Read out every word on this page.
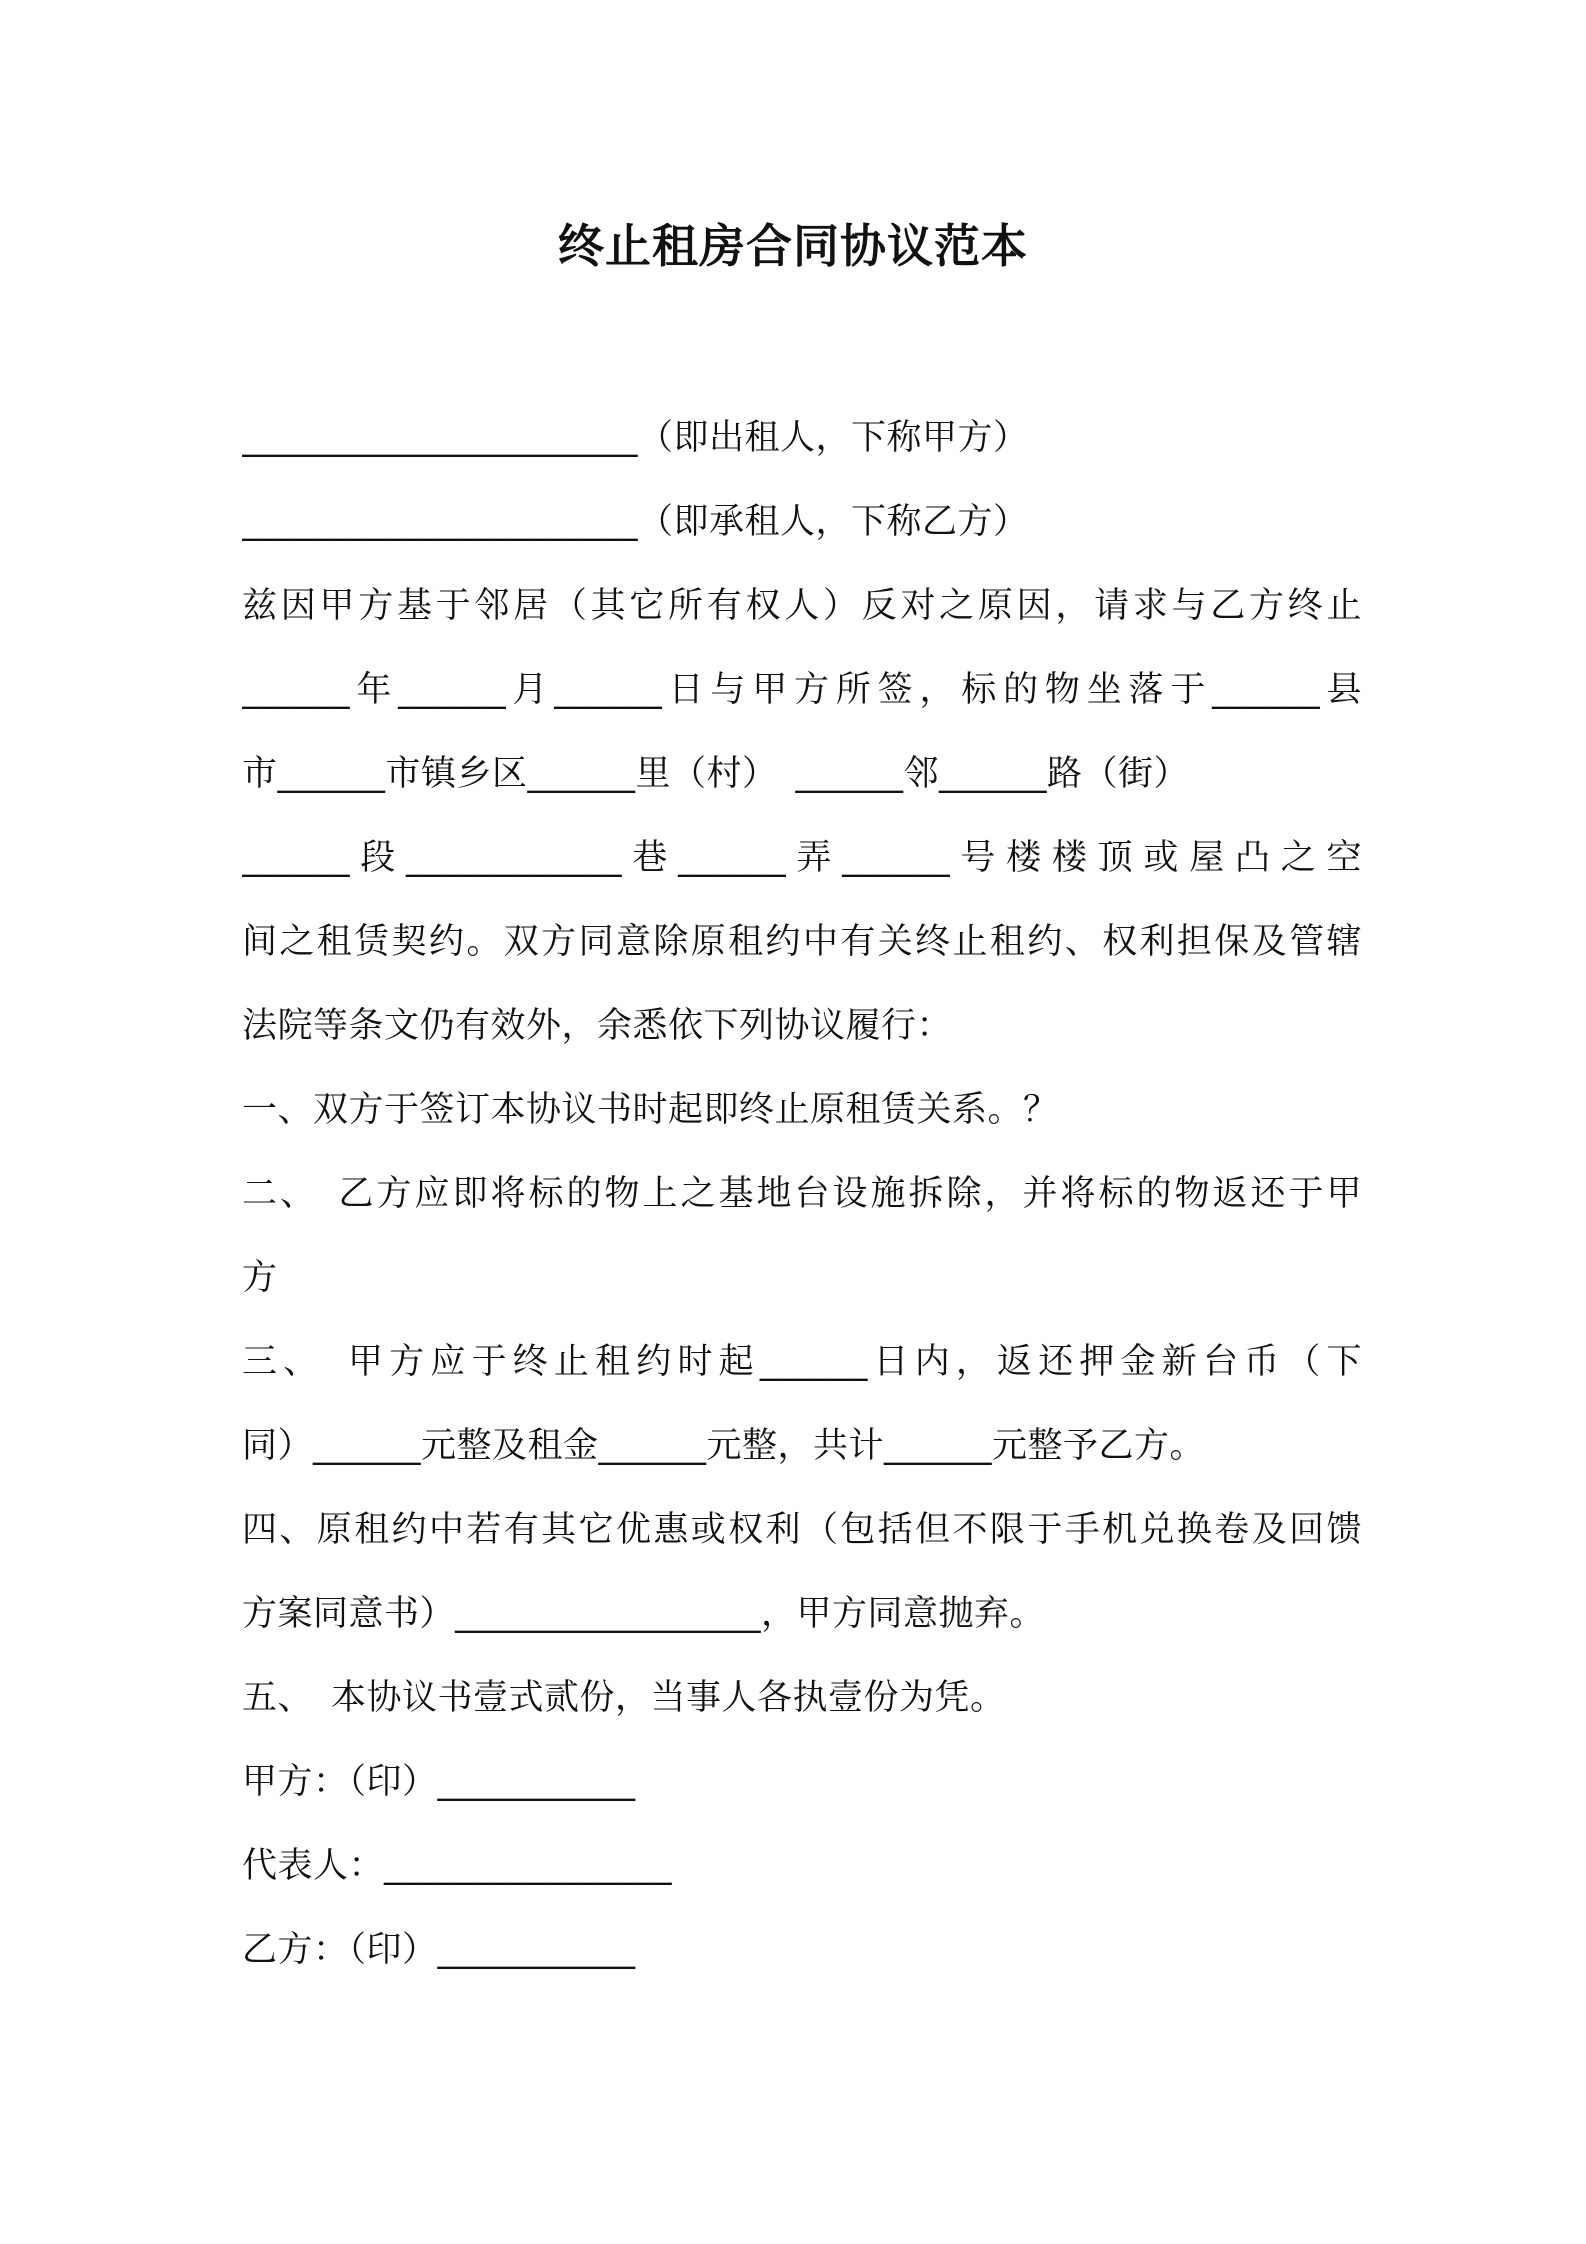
终止租房合同协议范本
______________________（即出租人，下称甲方）
______________________（即承租人，下称乙方）
兹因甲方基于邻居（其它所有权人）反对之原因，请求与乙方终止
______年______月______日与甲方所签，标的物坐落于______县
市______市镇乡区______里（村）　______邻______路（街）
______段____________巷______弄______号楼楼顶或屋凸之空
间之租赁契约。双方同意除原租约中有关终止租约、权利担保及管辖
法院等条文仍有效外，余悉依下列协议履行：
一、双方于签订本协议书时起即终止原租赁关系。？
二、　乙方应即将标的物上之基地台设施拆除，并将标的物返还于甲
方
三、　甲方应于终止租约时起______日内，返还押金新台币（下
同）______元整及租金______元整，共计______元整予乙方。
四、原租约中若有其它优惠或权利（包括但不限于手机兑换卷及回馈
方案同意书）_________________，甲方同意抛弃。
五、　本协议书壹式贰份，当事人各执壹份为凭。
甲方：（印）___________
代表人：________________
乙方：（印）___________
